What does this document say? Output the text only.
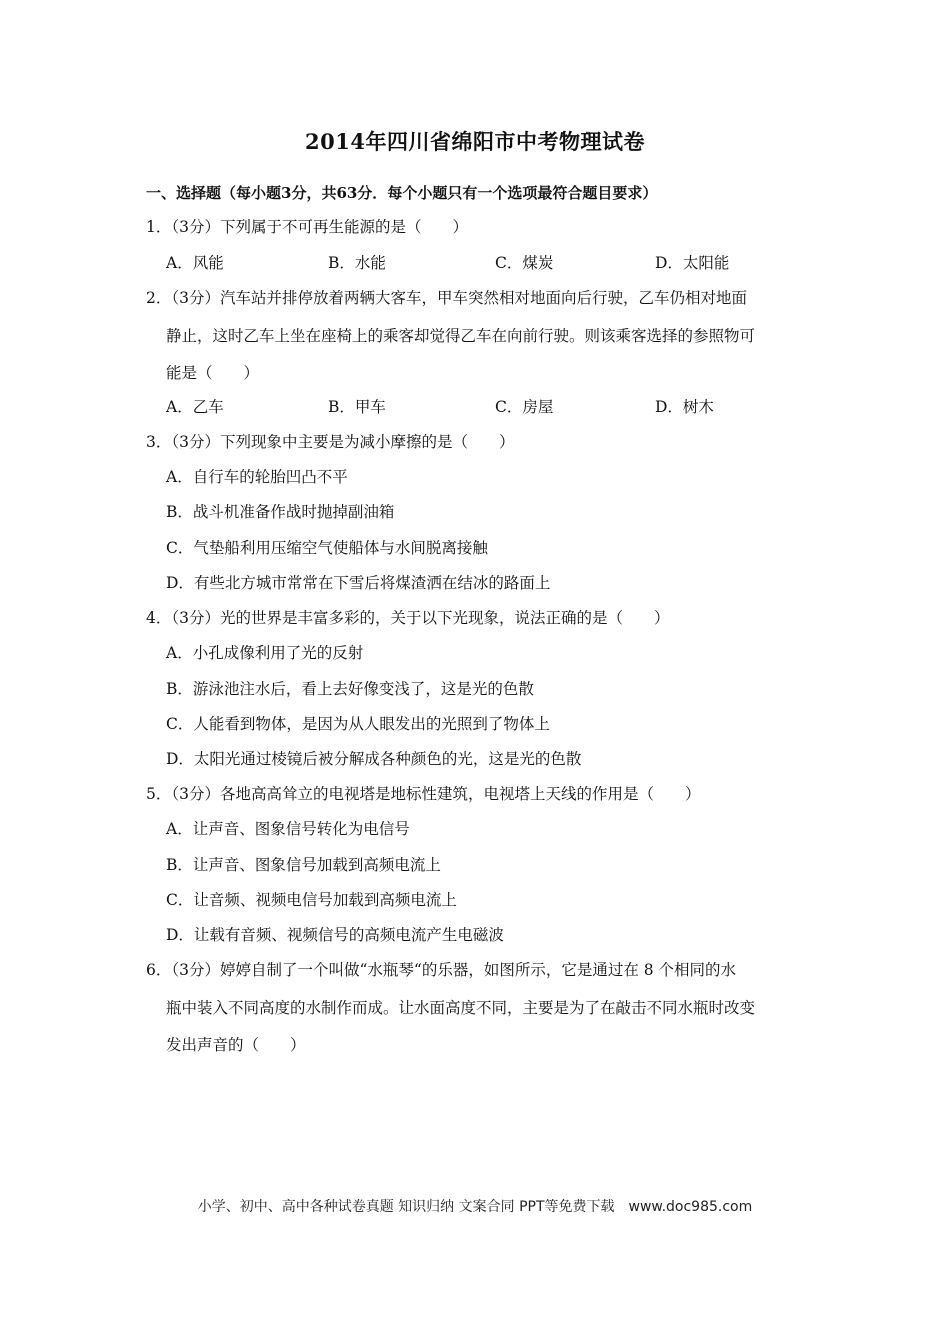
2014年四川省绵阳市中考物理试卷
一、选择题（每小题3分，共63分．每个小题只有一个选项最符合题目要求）
1．（3分）下列属于不可再生能源的是（　　）
A．风能	B．水能	C．煤炭	D．太阳能
2．（3分）汽车站并排停放着两辆大客车，甲车突然相对地面向后行驶，乙车仍相对地面
静止，这时乙车上坐在座椅上的乘客却觉得乙车在向前行驶。则该乘客选择的参照物可
能是（　　）
A．乙车	B．甲车	C．房屋	D．树木
3．（3分）下列现象中主要是为减小摩擦的是（　　）
A．自行车的轮胎凹凸不平
B．战斗机准备作战时抛掉副油箱
C．气垫船利用压缩空气使船体与水间脱离接触
D．有些北方城市常常在下雪后将煤渣洒在结冰的路面上
4．（3分）光的世界是丰富多彩的，关于以下光现象，说法正确的是（　　）
A．小孔成像利用了光的反射
B．游泳池注水后，看上去好像变浅了，这是光的色散
C．人能看到物体，是因为从人眼发出的光照到了物体上
D．太阳光通过棱镜后被分解成各种颜色的光，这是光的色散
5．（3分）各地高高耸立的电视塔是地标性建筑，电视塔上天线的作用是（　　）
A．让声音、图象信号转化为电信号
B．让声音、图象信号加载到高频电流上
C．让音频、视频电信号加载到高频电流上
D．让载有音频、视频信号的高频电流产生电磁波
6．（3分）婷婷自制了一个叫做“水瓶琴“的乐器，如图所示，它是通过在 8 个相同的水
瓶中装入不同高度的水制作而成。让水面高度不同，主要是为了在敲击不同水瓶时改变
发出声音的（　　）
小学、初中、高中各种试卷真题 知识归纳 文案合同 PPT等免费下载　www.doc985.com
